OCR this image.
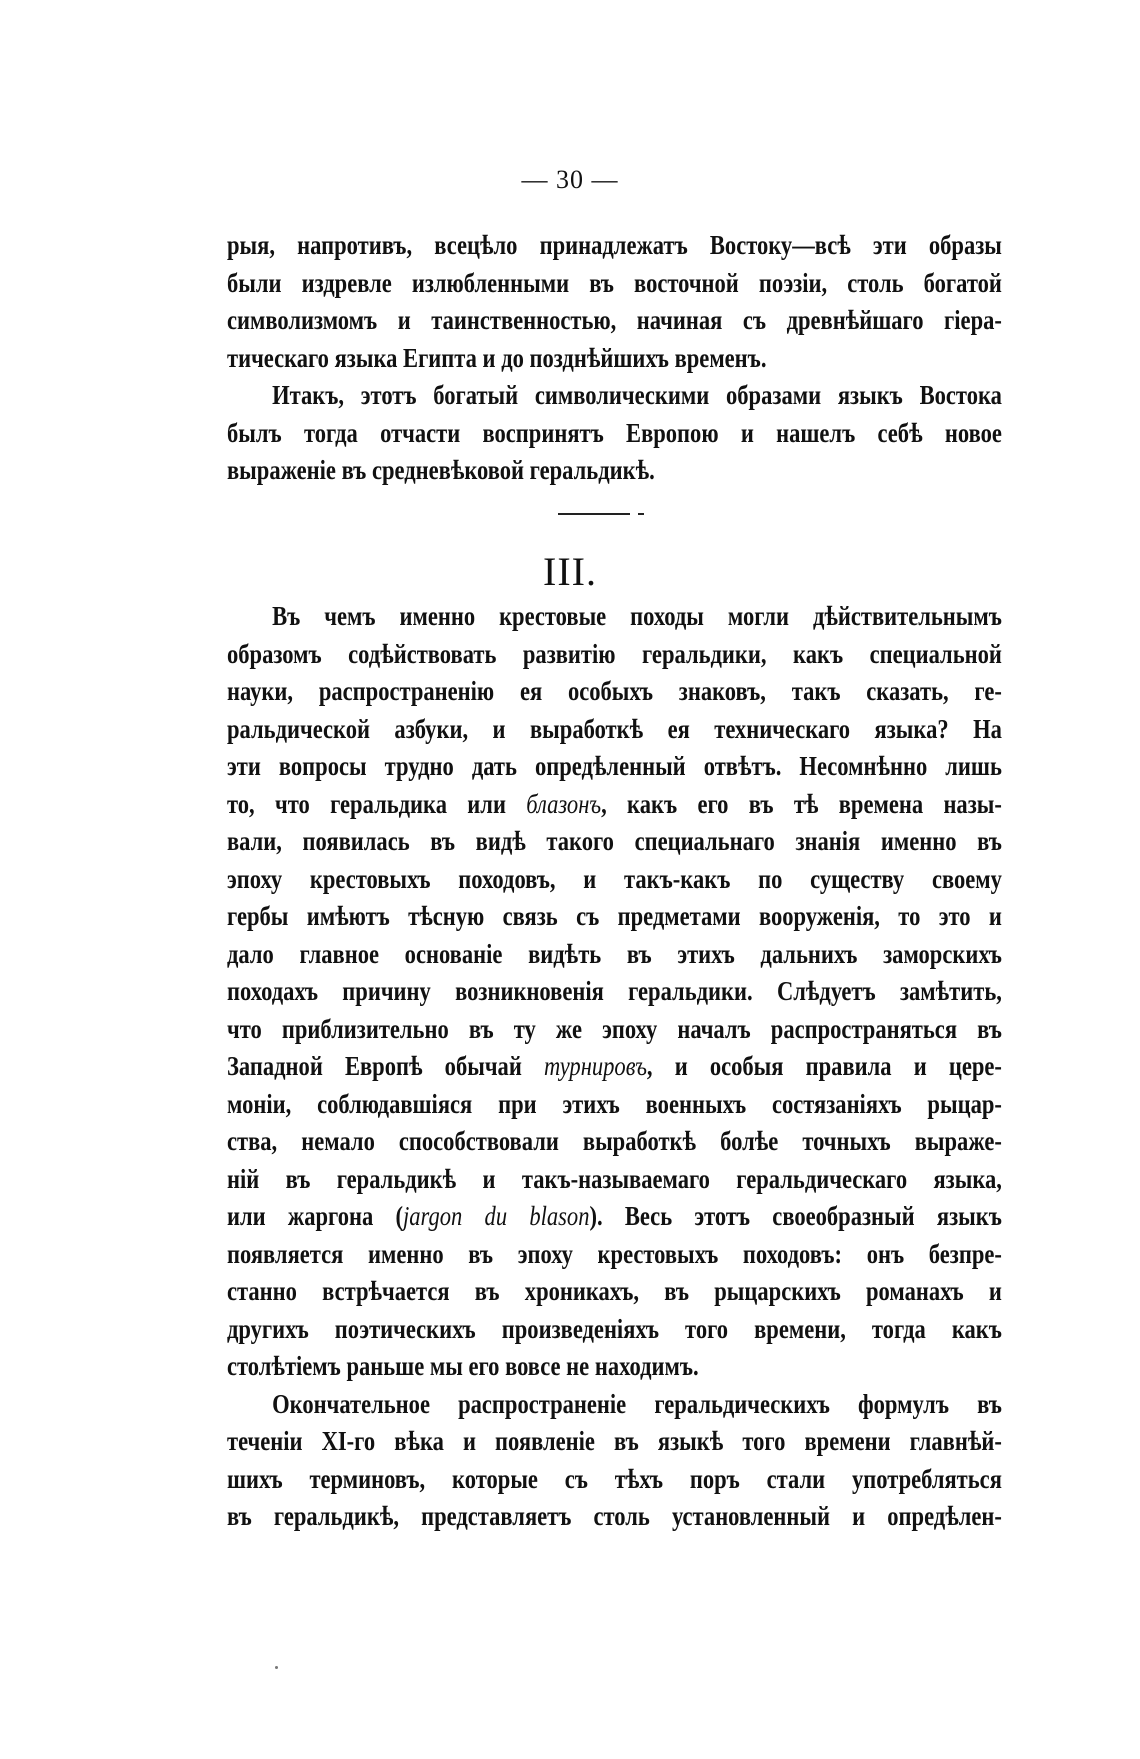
— 30 —
рыя, напротивъ, всецѣло принадлежатъ Востоку—всѣ эти образы
были издревле излюбленными въ восточной поэзіи, столь богатой
символизмомъ и таинственностью, начиная съ древнѣйшаго гiера-
тическаго языка Египта и до позднѣйшихъ временъ.
Итакъ, этотъ богатый символическими образами языкъ Востока
былъ тогда отчасти воспринятъ Европою и нашелъ себѣ новое
выраженіе въ средневѣковой геральдикѣ.
III.
Въ чемъ именно крестовые походы могли дѣйствительнымъ
образомъ содѣйствовать развитію геральдики, какъ специальной
науки, распространенію ея особыхъ знаковъ, такъ сказать, ге-
ральдической азбуки, и выработкѣ ея техническаго языка? На
эти вопросы трудно дать опредѣленный отвѣтъ. Несомнѣнно лишь
то, что геральдика или блазонъ, какъ его въ тѣ времена назы-
вали, появилась въ видѣ такого специальнаго знанія именно въ
эпоху крестовыхъ походовъ, и такъ-какъ по существу своему
гербы имѣютъ тѣсную связь съ предметами вооруженія, то это и
дало главное основаніе видѣть въ этихъ дальнихъ заморскихъ
походахъ причину возникновенія геральдики. Слѣдуетъ замѣтить,
что приблизительно въ ту же эпоху началъ распространяться въ
Западной Европѣ обычай турнировъ, и особыя правила и цере-
моніи, соблюдавшіяся при этихъ военныхъ состязаніяхъ рыцар-
ства, немало способствовали выработкѣ болѣе точныхъ выраже-
ній въ геральдикѣ и такъ-называемаго геральдическаго языка,
или жаргона (jargon du blason). Весь этотъ своеобразный языкъ
появляется именно въ эпоху крестовыхъ походовъ: онъ безпре-
станно встрѣчается въ хроникахъ, въ рыцарскихъ романахъ и
другихъ поэтическихъ произведеніяхъ того времени, тогда какъ
столѣтіемъ раньше мы его вовсе не находимъ.
Окончательное распространеніе геральдическихъ формулъ въ
теченіи XI-го вѣка и появленіе въ языкѣ того времени главнѣй-
шихъ терминовъ, которые съ тѣхъ поръ стали употребляться
въ геральдикѣ, представляетъ столь установленный и опредѣлен-
